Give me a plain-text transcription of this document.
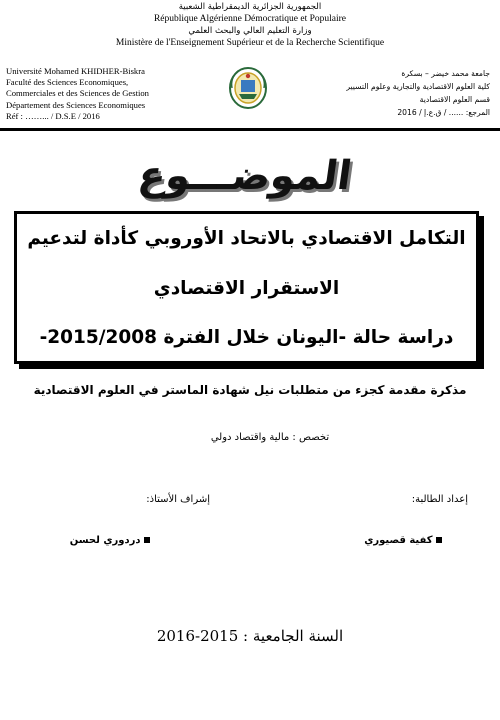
الجمهورية الجزائرية الديمقراطية الشعبية
République Algérienne Démocratique et Populaire
وزارة التعليم العالي والبحث العلمي
Ministère de l'Enseignement Supérieur et de la Recherche Scientifique
Université Mohamed KHIDHER-Biskra
Faculté des Sciences Economiques,
Commerciales et des Sciences de Gestion
Département des Sciences Economiques
Réf : ……... / D.S.E / 2016
جامعة محمد خيضر – بسكرة
كلية العلوم الاقتصادية والتجارية وعلوم التسيير
قسم العلوم الاقتصادية
المرجع: ...... / ق.ع.إ / 2016
الموضـــوع
التكامل الاقتصادي بالاتحاد الأوروبي كأداة لتدعيم
الاستقرار الاقتصادي
دراسة حالة -اليونان خلال الفترة 2015/2008-
مذكرة مقدمة كجزء من متطلبات نيل شهادة الماستر في العلوم الاقتصادية
تخصص : مالية واقتصاد دولي
إعداد الطالبة:
إشراف الأستاذ:
كفية قصيوري
دردوري لحسن
السنة الجامعية : 2015-2016
